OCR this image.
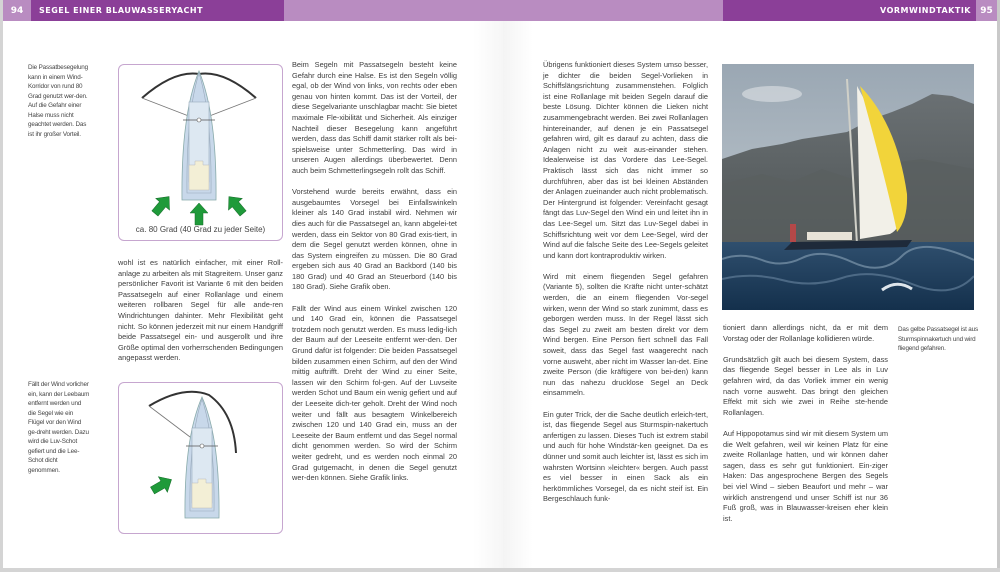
94	SEGEL EINER BLAUWASSERYACHT
Die Passatbesegelung kann in einem Wind-Korridor von rund 80 Grad genutzt wer-den. Auf die Gefahr einer Halse muss nicht geachtet werden. Das ist ihr großer Vorteil.
ca. 80 Grad (40 Grad zu jeder Seite)
wohl ist es natürlich einfacher, mit einer Roll-anlage zu arbeiten als mit Stagreitern. Unser ganz persönlicher Favorit ist Variante 6 mit den beiden Passatsegeln auf einer Rollanlage und einem weiteren rollbaren Segel für alle ande-ren Windrichtungen dahinter. Mehr Flexibilität geht nicht. So können jederzeit mit nur einem Handgriff beide Passatsegel ein- und ausgerollt und ihre Größe optimal den vorherrschenden Bedingungen angepasst werden.
Fällt der Wind vorlicher ein, kann der Leebaum entfernt werden und die Segel wie ein Flügel vor den Wind ge-dreht werden. Dazu wird die Luv-Schot gefiert und die Lee-Schot dicht genommen.

Beim Segeln mit Passatsegeln besteht keine Gefahr durch eine Halse. Es ist den Segeln völlig egal, ob der Wind von links, von rechts oder eben genau von hinten kommt. Das ist der Vorteil, der diese Segelvariante unschlagbar macht: Sie bietet maximale Fle-xibilität und Sicherheit. Als einziger Nachteil dieser Besegelung kann angeführt werden, dass das Schiff damit stärker rollt als bei-spielsweise unter Schmetterling. Das wird in unseren Augen allerdings überbewertet. Denn auch beim Schmetterlingsegeln rollt das Schiff.

Vorstehend wurde bereits erwähnt, dass ein ausgebaumtes Vorsegel bei Einfallswinkeln kleiner als 140 Grad instabil wird. Nehmen wir dies auch für die Passatsegel an, kann abgelei-tet werden, dass ein Sektor von 80 Grad exis-tiert, in dem die Segel genutzt werden können, ohne in das System eingreifen zu müssen. Die 80 Grad ergeben sich aus 40 Grad an Backbord (140 bis 180 Grad) und 40 Grad an Steuerbord (140 bis 180 Grad). Siehe Grafik oben.

Fällt der Wind aus einem Winkel zwischen 120 und 140 Grad ein, können die Passatsegel trotzdem noch genutzt werden. Es muss ledig-lich der Baum auf der Leeseite entfernt wer-den. Der Grund dafür ist folgender: Die beiden Passatsegel bilden zusammen einen Schirm, auf den der Wind mittig auftrifft. Dreht der Wind zu einer Seite, lassen wir den Schirm fol-gen. Auf der Luvseite werden Schot und Baum ein wenig gefiert und auf der Leeseite dich-ter geholt. Dreht der Wind noch weiter und fällt aus besagtem Winkelbereich zwischen 120 und 140 Grad ein, muss an der Leeseite der Baum entfernt und das Segel normal dicht genommen werden. So wird der Schirm weiter gedreht, und es werden noch einmal 20 Grad gutgemacht, in denen die Segel genutzt wer-den können. Siehe Grafik links.

VORMWINDTAKTIK	95

Übrigens funktioniert dieses System umso besser, je dichter die beiden Segel-Vorlieken in Schiffslängsrichtung zusammenstehen. Folglich ist eine Rollanlage mit beiden Segeln darauf die beste Lösung. Dichter können die Lieken nicht zusammengebracht werden. Bei zwei Rollanlagen hintereinander, auf denen je ein Passatsegel gefahren wird, gilt es darauf zu achten, dass die Anlagen nicht zu weit aus-einander stehen. Idealerweise ist das Vordere das Lee-Segel. Praktisch lässt sich das nicht immer so durchführen, aber das ist bei kleinen Abständen der Anlagen zueinander auch nicht problematisch. Der Hintergrund ist folgender: Vereinfacht gesagt fängt das Luv-Segel den Wind ein und leitet ihn in das Lee-Segel um. Sitzt das Luv-Segel dabei in Schiffsrichtung weit vor dem Lee-Segel, wird der Wind auf die falsche Seite des Lee-Segels geleitet und kann dort kontraproduktiv wirken.

Wird mit einem fliegenden Segel gefahren (Variante 5), sollten die Kräfte nicht unter-schätzt werden, die an einem fliegenden Vor-segel wirken, wenn der Wind so stark zunimmt, dass es geborgen werden muss. In der Regel lässt sich das Segel zu zweit am besten direkt vor dem Wind bergen. Eine Person fiert schnell das Fall soweit, dass das Segel fast waagerecht nach vorne ausweht, aber nicht im Wasser lan-det. Eine zweite Person (die kräftigere von bei-den) kann nun das nahezu drucklose Segel an Deck einsammeln.

Ein guter Trick, der die Sache deutlich erleich-tert, ist, das fliegende Segel aus Sturmspin-nakertuch anfertigen zu lassen. Dieses Tuch ist extrem stabil und auch für hohe Windstär-ken geeignet. Da es dünner und somit auch leichter ist, lässt es sich im wahrsten Wortsinn »leichter« bergen. Auch passt es viel besser in einen Sack als ein herkömmliches Vorsegel, da es nicht steif ist. Ein Bergeschlauch funk-

tioniert dann allerdings nicht, da er mit dem Vorstag oder der Rollanlage kollidieren würde.

Grundsätzlich gilt auch bei diesem System, dass das fliegende Segel besser in Lee als in Luv gefahren wird, da das Vorliek immer ein wenig nach vorne ausweht. Das bringt den gleichen Effekt mit sich wie zwei in Reihe ste-hende Rollanlagen.

Auf Hippopotamus sind wir mit diesem System um die Welt gefahren, weil wir keinen Platz für eine zweite Rollanlage hatten, und wir können daher sagen, dass es sehr gut funktioniert. Ein-ziger Haken: Das angesprochene Bergen des Segels bei viel Wind – sieben Beaufort und mehr – war wirklich anstrengend und unser Schiff ist nur 36 Fuß groß, was in Blauwasser-kreisen eher klein ist.

Das gelbe Passatsegel ist aus Sturmspinnakertuch und wird fliegend gefahren.
